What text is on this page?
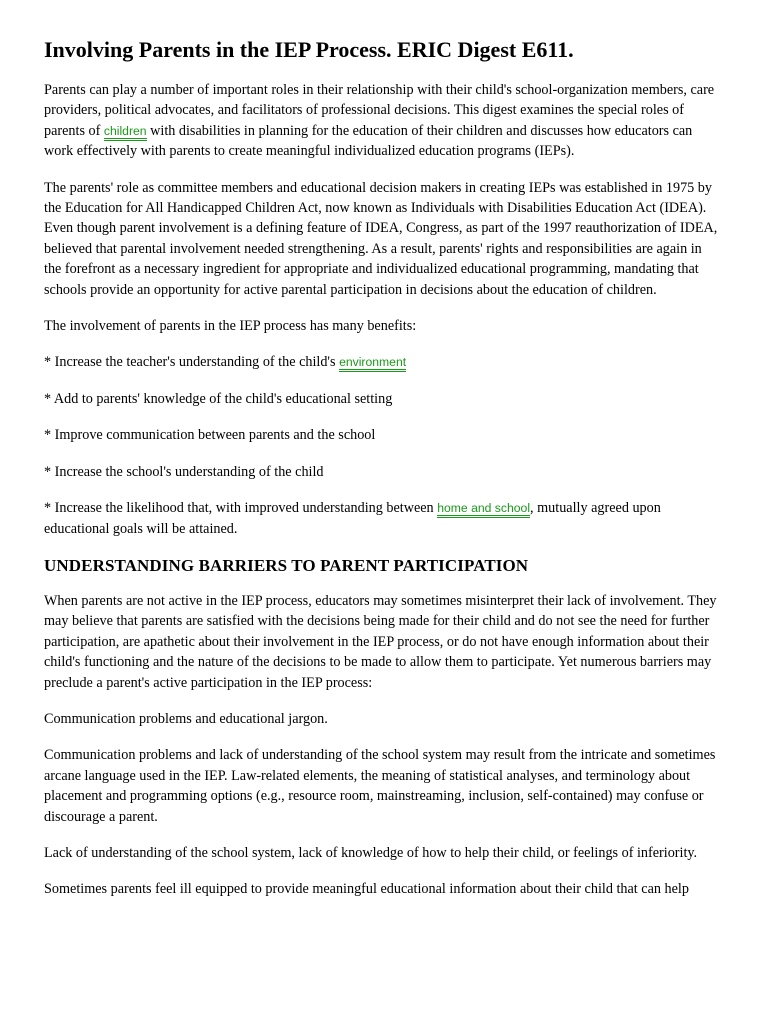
Involving Parents in the IEP Process. ERIC Digest E611.

Parents can play a number of important roles in their relationship with their child's school-organization members, care providers, political advocates, and facilitators of professional decisions. This digest examines the special roles of parents of children with disabilities in planning for the education of their children and discusses how educators can work effectively with parents to create meaningful individualized education programs (IEPs).

The parents' role as committee members and educational decision makers in creating IEPs was established in 1975 by the Education for All Handicapped Children Act, now known as Individuals with Disabilities Education Act (IDEA). Even though parent involvement is a defining feature of IDEA, Congress, as part of the 1997 reauthorization of IDEA, believed that parental involvement needed strengthening. As a result, parents' rights and responsibilities are again in the forefront as a necessary ingredient for appropriate and individualized educational programming, mandating that schools provide an opportunity for active parental participation in decisions about the education of children.

The involvement of parents in the IEP process has many benefits:

* Increase the teacher's understanding of the child's environment

* Add to parents' knowledge of the child's educational setting

* Improve communication between parents and the school

* Increase the school's understanding of the child

* Increase the likelihood that, with improved understanding between home and school, mutually agreed upon educational goals will be attained.

UNDERSTANDING BARRIERS TO PARENT PARTICIPATION

When parents are not active in the IEP process, educators may sometimes misinterpret their lack of involvement. They may believe that parents are satisfied with the decisions being made for their child and do not see the need for further participation, are apathetic about their involvement in the IEP process, or do not have enough information about their child's functioning and the nature of the decisions to be made to allow them to participate. Yet numerous barriers may preclude a parent's active participation in the IEP process:

Communication problems and educational jargon.

Communication problems and lack of understanding of the school system may result from the intricate and sometimes arcane language used in the IEP. Law-related elements, the meaning of statistical analyses, and terminology about placement and programming options (e.g., resource room, mainstreaming, inclusion, self-contained) may confuse or discourage a parent.

Lack of understanding of the school system, lack of knowledge of how to help their child, or feelings of inferiority.

Sometimes parents feel ill equipped to provide meaningful educational information about their child that can help
